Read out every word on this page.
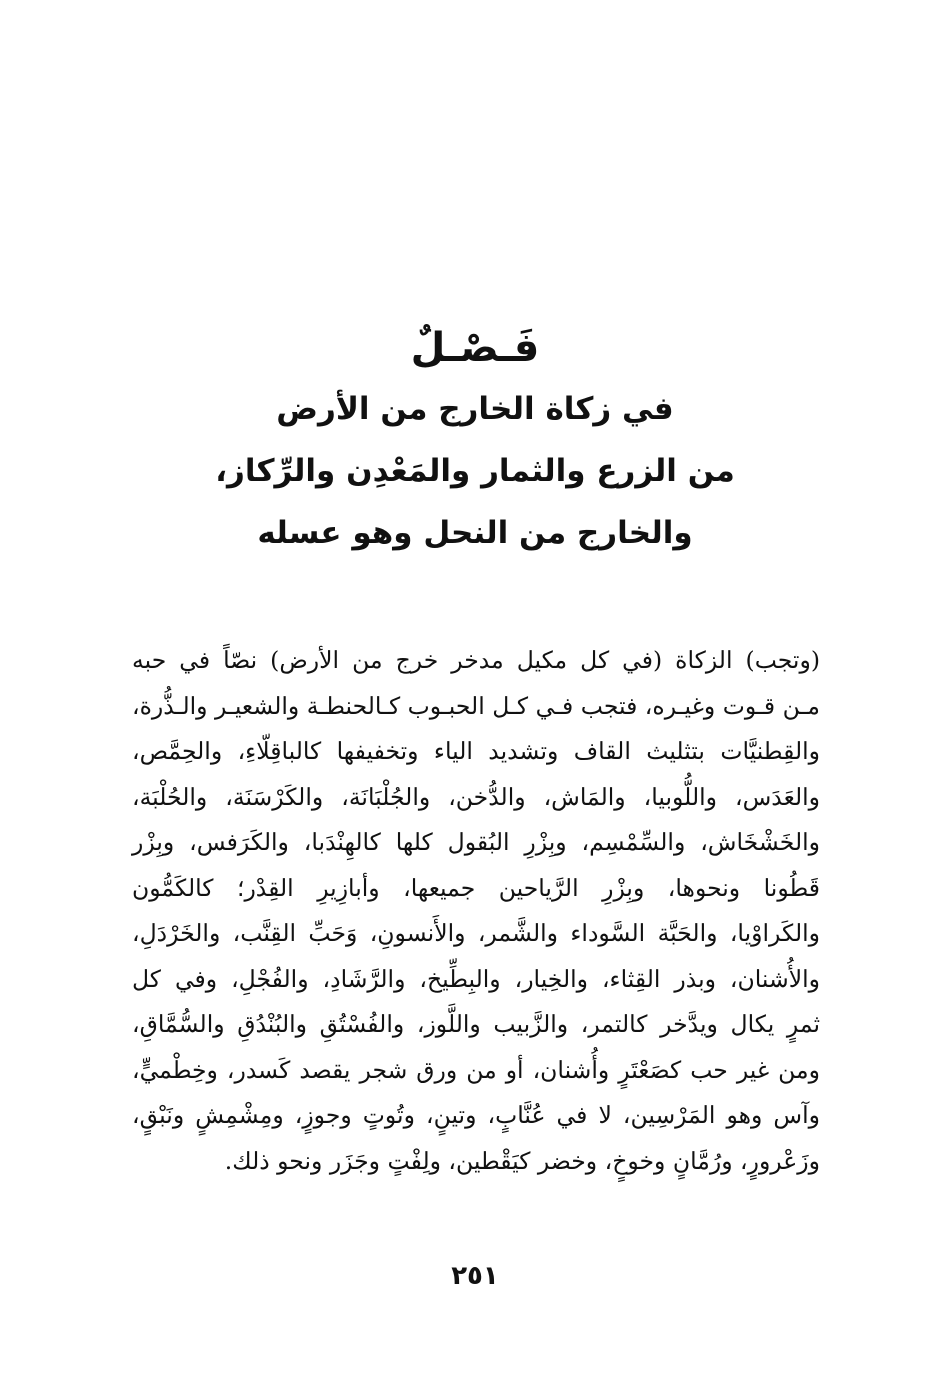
فَـصْـلٌ
في زكاة الخارج من الأرض
من الزرع والثمار والمَعْدِن والرِّكاز،
والخارج من النحل وهو عسله
(وتجب) الزكاة (في كل مكيل مدخر خرج من الأرض) نصّاً في حبه
مـن قـوت وغيـره، فتجب فـي كـل الحبـوب كـالحنطـة والشعيـر والـذُّرة،
والقِطنيَّات بتثليث القاف وتشديد الياء وتخفيفها كالباقِلّاءِ، والحِمَّص،
والعَدَس، واللُّوبيا، والمَاش، والدُّخن، والجُلْبَانَة، والكَرْسَنَة، والحُلْبَة،
والخَشْخَاش، والسِّمْسِم، وبِزْرِ البُقول كلها كالهِنْدَبا، والكَرَفس، وبِزْر
قَطُونا ونحوها، وبِزْرِ الرَّياحين جميعها، وأبازِيرِ القِدْر؛ كالكَمُّون
والكَراوْيا، والحَبَّة السَّوداء والشَّمر، والأَنسونِ، وَحَبِّ القِنَّب، والخَرْدَلِ،
والأُشنان، وبذر القِثاء، والخِيار، والبِطِّيخ، والرَّشَادِ، والفُجْلِ، وفي كل
ثمرٍ يكال ويدَّخر كالتمر، والزَّبيب واللَّوز، والفُسْتُقِ والبُنْدُقِ والسُّمَّاقِ،
ومن غير حب كصَعْتَرٍ وأُشنان، أو من ورق شجر يقصد كَسدر، وخِطْميٍّ،
وآس وهو المَرْسِين، لا في عُنَّابٍ، وتينٍ، وتُوتٍ وجوزٍ، ومِشْمِشٍ ونَبْقٍ،
وزَعْرورٍ، ورُمَّانٍ وخوخٍ، وخضر كيَقْطين، ولِفْتٍ وجَزَر ونحو ذلك.
٢٥١
